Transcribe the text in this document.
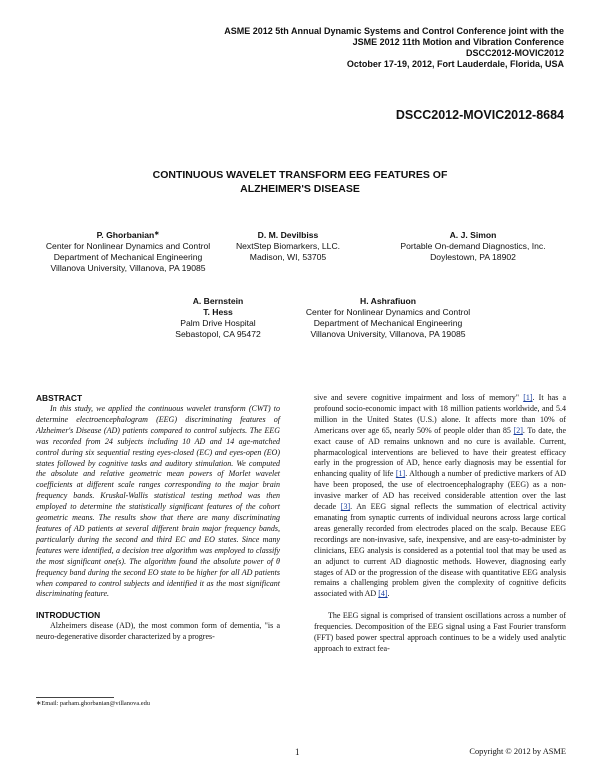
ASME 2012 5th Annual Dynamic Systems and Control Conference joint with the
JSME 2012 11th Motion and Vibration Conference
DSCC2012-MOVIC2012
October 17-19, 2012, Fort Lauderdale, Florida, USA
DSCC2012-MOVIC2012-8684
CONTINUOUS WAVELET TRANSFORM EEG FEATURES OF
ALZHEIMER'S DISEASE
P. Ghorbanian∗
Center for Nonlinear Dynamics and Control
Department of Mechanical Engineering
Villanova University, Villanova, PA 19085
D. M. Devilbiss
NextStep Biomarkers, LLC.
Madison, WI, 53705
A. J. Simon
Portable On-demand Diagnostics, Inc.
Doylestown, PA 18902
A. Bernstein
T. Hess
Palm Drive Hospital
Sebastopol, CA 95472
H. Ashrafiuon
Center for Nonlinear Dynamics and Control
Department of Mechanical Engineering
Villanova University, Villanova, PA 19085
ABSTRACT

In this study, we applied the continuous wavelet transform (CWT) to determine electroencephalogram (EEG) discriminating features of Alzheimer's Disease (AD) patients compared to control subjects. The EEG was recorded from 24 subjects including 10 AD and 14 age-matched control during six sequential resting eyes-closed (EC) and eyes-open (EO) states followed by cognitive tasks and auditory stimulation. We computed the absolute and relative geometric mean powers of Morlet wavelet coefficients at different scale ranges corresponding to the major brain frequency bands. Kruskal-Wallis statistical testing method was then employed to determine the statistically significant features of the cohort geometric means. The results show that there are many discriminating features of AD patients at several different brain major frequency bands, particularly during the second and third EC and EO states. Since many features were identified, a decision tree algorithm was employed to classify the most significant one(s). The algorithm found the absolute power of θ frequency band during the second EO state to be higher for all AD patients when compared to control subjects and identified it as the most significant discriminating feature.

INTRODUCTION

Alzheimers disease (AD), the most common form of dementia, "is a neuro-degenerative disorder characterized by a progres-

sive and severe cognitive impairment and loss of memory" [1]. It has a profound socio-economic impact with 18 million patients worldwide, and 5.4 million in the United States (U.S.) alone. It affects more than 10% of Americans over age 65, nearly 50% of people older than 85 [2]. To date, the exact cause of AD remains unknown and no cure is available. Current, pharmacological interventions are believed to have their greatest efficacy early in the progression of AD, hence early diagnosis may be essential for enhancing quality of life [1]. Although a number of predictive markers of AD have been proposed, the use of electroencephalography (EEG) as a non-invasive marker of AD has received considerable attention over the last decade [3]. An EEG signal reflects the summation of electrical activity emanating from synaptic currents of individual neurons across large cortical areas generally recorded from electrodes placed on the scalp. Because EEG recordings are non-invasive, safe, inexpensive, and are easy-to-administer by clinicians, EEG analysis is considered as a potential tool that may be used as an adjunct to current AD diagnostic methods. However, diagnosing early stages of AD or the progression of the disease with quantitative EEG analysis remains a challenging problem given the complexity of cognitive deficits associated with AD [4].

The EEG signal is comprised of transient oscillations across a number of frequencies. Decomposition of the EEG signal using a Fast Fourier transform (FFT) based power spectral approach continues to be a widely used analytic approach to extract fea-

∗Email: parham.ghorbanian@villanova.edu
1	Copyright © 2012 by ASME
